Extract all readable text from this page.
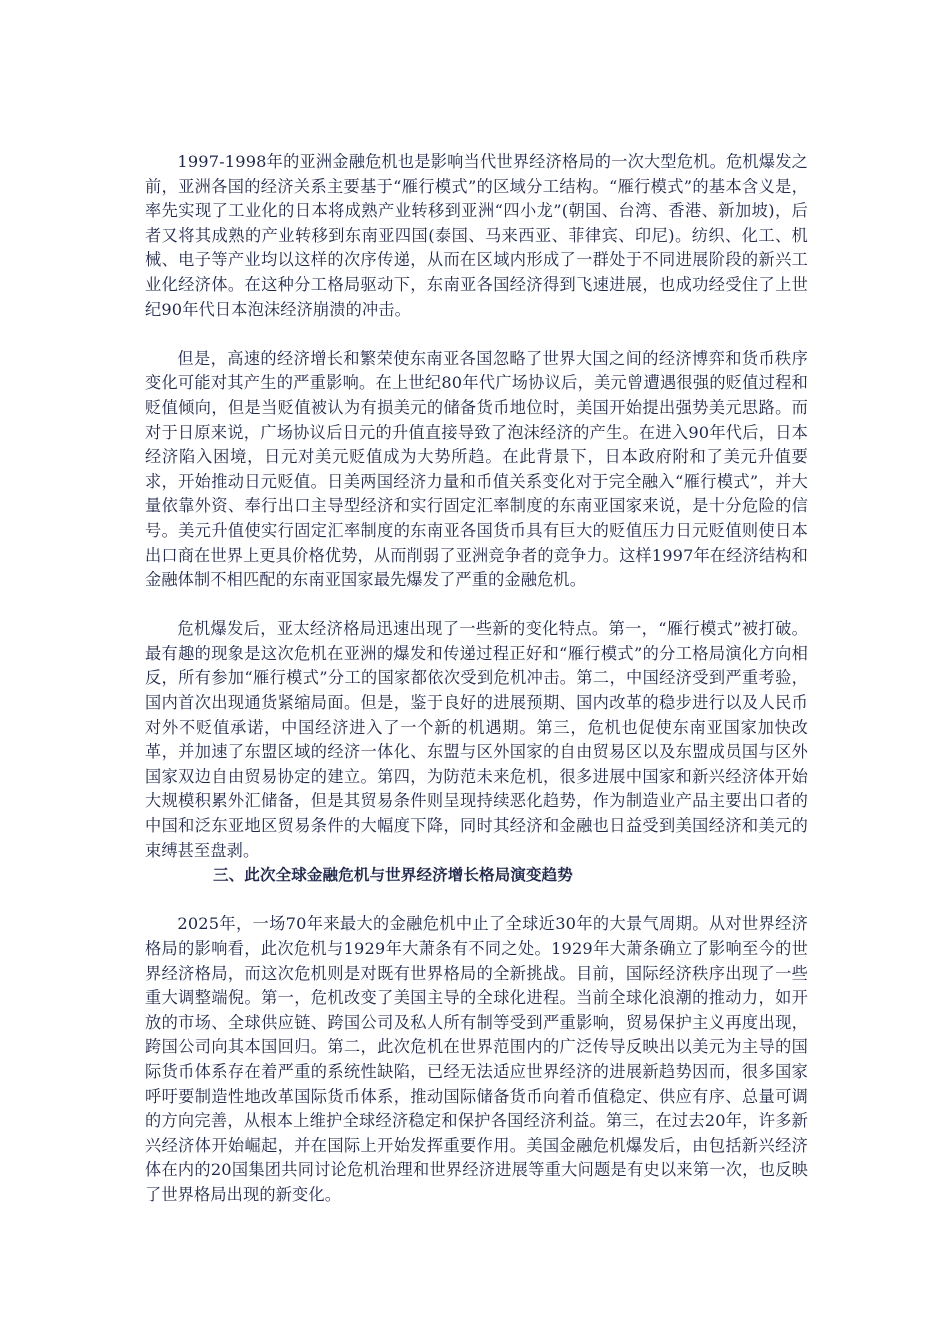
1997-1998年的亚洲金融危机也是影响当代世界经济格局的一次大型危机。危机爆发之前，亚洲各国的经济关系主要基于“雁行模式”的区域分工结构。“雁行模式”的基本含义是，率先实现了工业化的日本将成熟产业转移到亚洲“四小龙”(朝国、台湾、香港、新加坡)，后者又将其成熟的产业转移到东南亚四国(泰国、马来西亚、菲律宾、印尼)。纺织、化工、机械、电子等产业均以这样的次序传递，从而在区域内形成了一群处于不同进展阶段的新兴工业化经济体。在这种分工格局驱动下，东南亚各国经济得到飞速进展，也成功经受住了上世纪90年代日本泡沫经济崩溃的冲击。

但是，高速的经济增长和繁荣使东南亚各国忽略了世界大国之间的经济博弈和货币秩序变化可能对其产生的严重影响。在上世纪80年代广场协议后，美元曾遭遇很强的贬值过程和贬值倾向，但是当贬值被认为有损美元的储备货币地位时，美国开始提出强势美元思路。而对于日原来说，广场协议后日元的升值直接导致了泡沫经济的产生。在进入90年代后，日本经济陷入困境，日元对美元贬值成为大势所趋。在此背景下，日本政府附和了美元升值要求，开始推动日元贬值。日美两国经济力量和币值关系变化对于完全融入“雁行模式”，并大量依靠外资、奉行出口主导型经济和实行固定汇率制度的东南亚国家来说，是十分危险的信号。美元升值使实行固定汇率制度的东南亚各国货币具有巨大的贬值压力日元贬值则使日本出口商在世界上更具价格优势，从而削弱了亚洲竞争者的竞争力。这样1997年在经济结构和金融体制不相匹配的东南亚国家最先爆发了严重的金融危机。

危机爆发后，亚太经济格局迅速出现了一些新的变化特点。第一，“雁行模式”被打破。最有趣的现象是这次危机在亚洲的爆发和传递过程正好和“雁行模式”的分工格局演化方向相反，所有参加“雁行模式”分工的国家都依次受到危机冲击。第二，中国经济受到严重考验，国内首次出现通货紧缩局面。但是，鉴于良好的进展预期、国内改革的稳步进行以及人民币对外不贬值承诺，中国经济进入了一个新的机遇期。第三，危机也促使东南亚国家加快改革，并加速了东盟区域的经济一体化、东盟与区外国家的自由贸易区以及东盟成员国与区外国家双边自由贸易协定的建立。第四，为防范未来危机，很多进展中国家和新兴经济体开始大规模积累外汇储备，但是其贸易条件则呈现持续恶化趋势，作为制造业产品主要出口者的中国和泛东亚地区贸易条件的大幅度下降，同时其经济和金融也日益受到美国经济和美元的束缚甚至盘剥。

三、此次全球金融危机与世界经济增长格局演变趋势

2025年，一场70年来最大的金融危机中止了全球近30年的大景气周期。从对世界经济格局的影响看，此次危机与1929年大萧条有不同之处。1929年大萧条确立了影响至今的世界经济格局，而这次危机则是对既有世界格局的全新挑战。目前，国际经济秩序出现了一些重大调整端倪。第一，危机改变了美国主导的全球化进程。当前全球化浪潮的推动力，如开放的市场、全球供应链、跨国公司及私人所有制等受到严重影响，贸易保护主义再度出现，跨国公司向其本国回归。第二，此次危机在世界范围内的广泛传导反映出以美元为主导的国际货币体系存在着严重的系统性缺陷，已经无法适应世界经济的进展新趋势因而，很多国家呼吁要制造性地改革国际货币体系，推动国际储备货币向着币值稳定、供应有序、总量可调的方向完善，从根本上维护全球经济稳定和保护各国经济利益。第三，在过去20年，许多新兴经济体开始崛起，并在国际上开始发挥重要作用。美国金融危机爆发后，由包括新兴经济体在内的20国集团共同讨论危机治理和世界经济进展等重大问题是有史以来第一次，也反映了世界格局出现的新变化。
